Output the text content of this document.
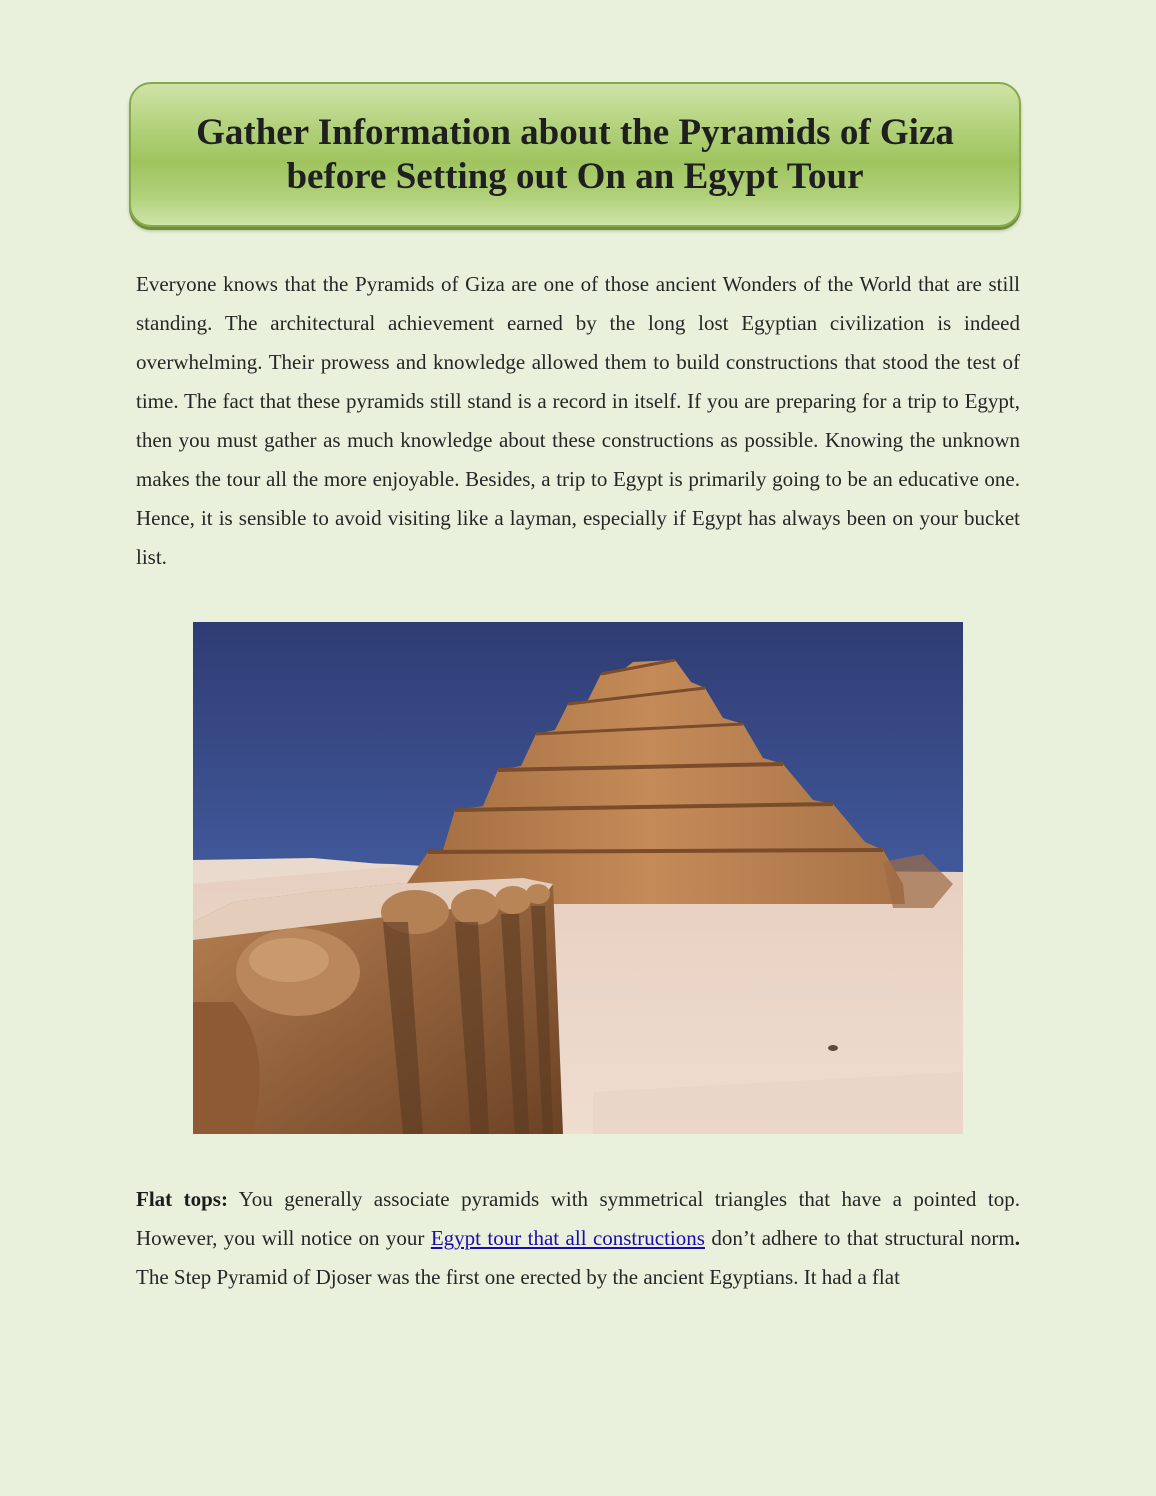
Gather Information about the Pyramids of Giza
before Setting out On an Egypt Tour

Everyone knows that the Pyramids of Giza are one of those ancient Wonders of the World that are still standing. The architectural achievement earned by the long lost Egyptian civilization is indeed overwhelming. Their prowess and knowledge allowed them to build constructions that stood the test of time. The fact that these pyramids still stand is a record in itself. If you are preparing for a trip to Egypt, then you must gather as much knowledge about these constructions as possible. Knowing the unknown makes the tour all the more enjoyable. Besides, a trip to Egypt is primarily going to be an educative one. Hence, it is sensible to avoid visiting like a layman, especially if Egypt has always been on your bucket list.

Flat tops: You generally associate pyramids with symmetrical triangles that have a pointed top. However, you will notice on your Egypt tour that all constructions don’t adhere to that structural norm. The Step Pyramid of Djoser was the first one erected by the ancient Egyptians. It had a flat
